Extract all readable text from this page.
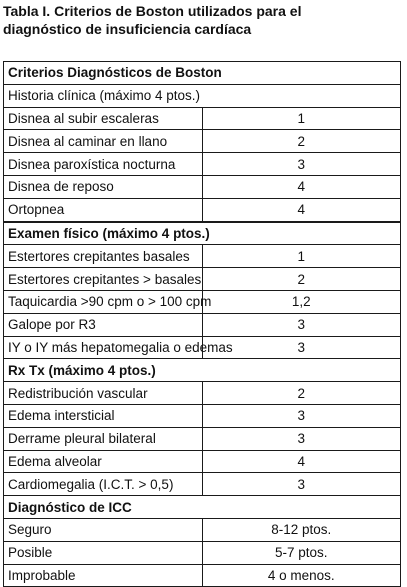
Tabla I. Criterios de Boston utilizados para el
diagnóstico de insuficiencia cardíaca
Criterios Diagnósticos de Boston	
Historia clínica (máximo 4 ptos.)	
Disnea al subir escaleras	1
Disnea al caminar en llano	2
Disnea paroxística nocturna	3
Disnea de reposo	4
Ortopnea	4
Examen físico (máximo 4 ptos.)	
Estertores crepitantes basales	1
Estertores crepitantes > basales	2
Taquicardia >90 cpm o > 100 cpm	1,2
Galope por R3	3
IY o IY más hepatomegalia o edemas	3
Rx Tx (máximo 4 ptos.)	
Redistribución vascular	2
Edema intersticial	3
Derrame pleural bilateral	3
Edema alveolar	4
Cardiomegalia (I.C.T. > 0,5)	3
Diagnóstico de ICC	
Seguro	8-12 ptos.
Posible	5-7 ptos.
Improbable	4 o menos.
